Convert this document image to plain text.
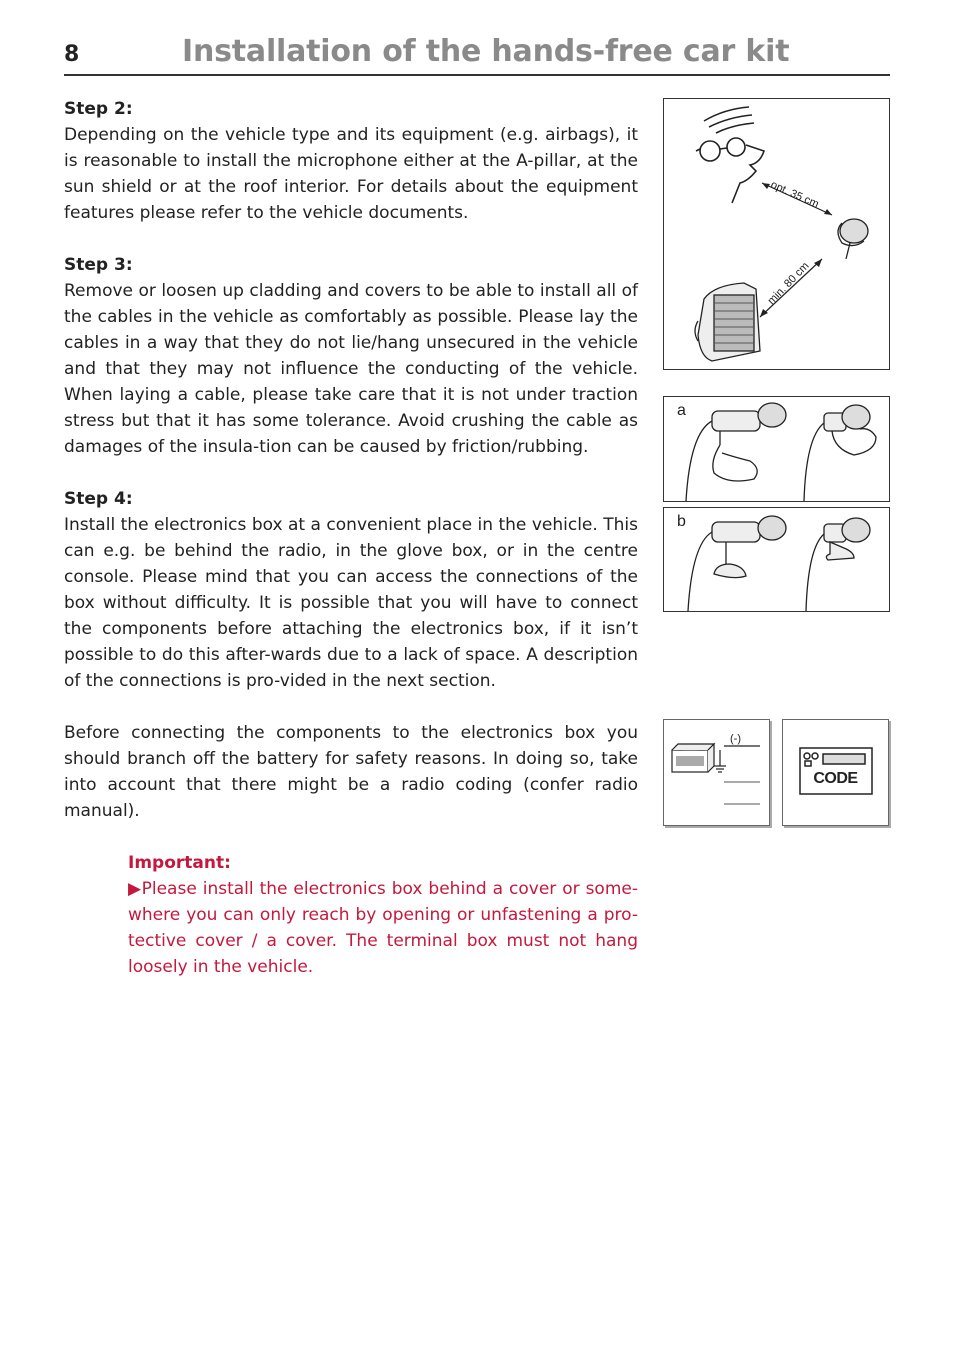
8	Installation of the hands-free car kit
Step 2:
Depending on the vehicle type and its equipment (e.g. airbags), it is reasonable to install the microphone either at the A-pillar, at the sun shield or at the roof interior. For details about the equipment features please refer to the vehicle documents.
Step 3:
Remove or loosen up cladding and covers to be able to install all of the cables in the vehicle as comfortably as possible. Please lay the cables in a way that they do not lie/hang unsecured in the vehicle and that they may not influence the conducting of the vehicle. When laying a cable, please take care that it is not under traction stress but that it has some tolerance. Avoid crushing the cable as damages of the insula-tion can be caused by friction/rubbing.
Step 4:
Install the electronics box at a convenient place in the vehicle. This can e.g. be behind the radio, in the glove box, or in the centre console. Please mind that you can access the connections of the box without difficulty. It is possible that you will have to connect the components before attaching the electronics box, if it isn’t possible to do this after-wards due to a lack of space. A description of the connections is pro-vided in the next section.
Before connecting the components to the electronics box you should branch off the battery for safety reasons. In doing so, take into account that there might be a radio coding (confer radio manual).
Important:
▶Please install the electronics box behind a cover or some-where you can only reach by opening or unfastening a pro-tective cover / a cover. The terminal box must not hang loosely in the vehicle.
opt. 35 cm
min. 80 cm
a
b
(-)
CODE
